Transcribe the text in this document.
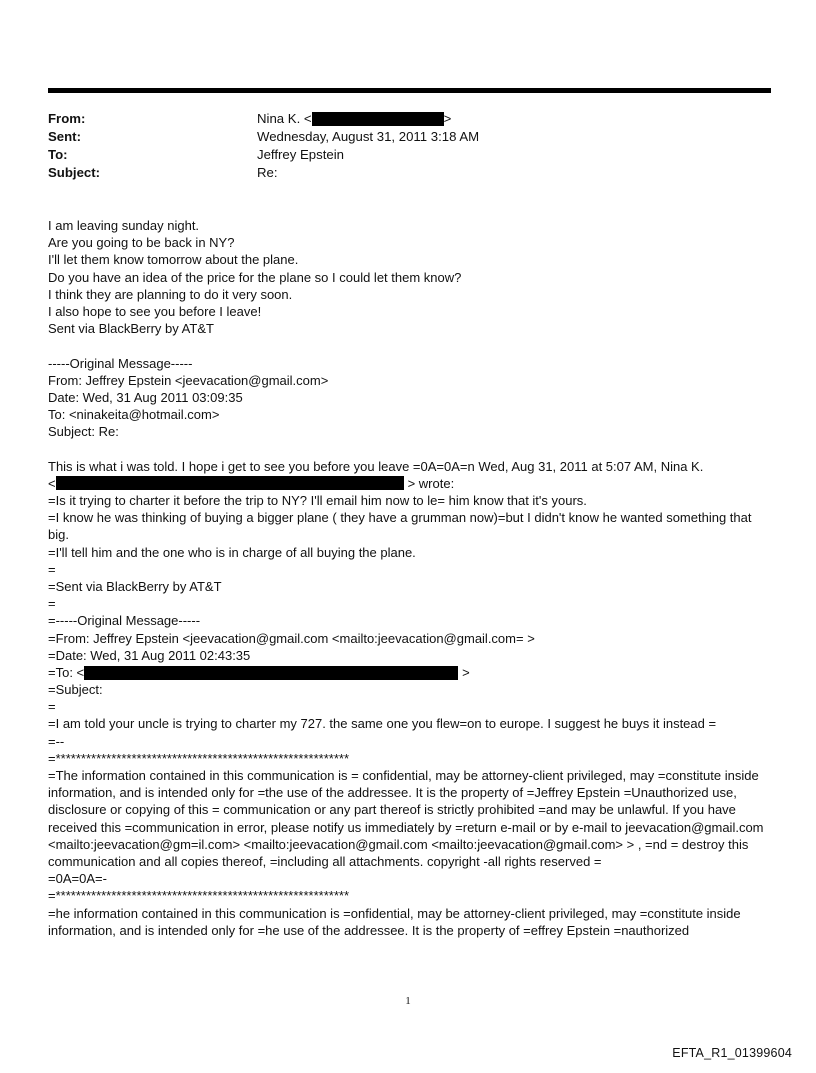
From:	Nina K. <	>
Sent:	Wednesday, August 31, 2011 3:18 AM
To:	Jeffrey Epstein
Subject:	Re:
I am leaving sunday night.
Are you going to be back in NY?
I'll let them know tomorrow about the plane.
Do you have an idea of the price for the plane so I could let them know?
I think they are planning to do it very soon.
I also hope to see you before I leave!
Sent via BlackBerry by AT&T
-----Original Message-----
From: Jeffrey Epstein <jeevacation@gmail.com>
Date: Wed, 31 Aug 2011 03:09:35
To: <ninakeita@hotmail.com>
Subject: Re:
This is what i was told. I hope i get to see you before you leave =0A=0A=n Wed, Aug 31, 2011 at 5:07 AM, Nina K.
<	> wrote:
=Is it trying to charter it before the trip to NY? I'll email him now to le= him know that it's yours.
=I know he was thinking of buying a bigger plane ( they have a grumman now)=but I didn't know he wanted something that big.
=I'll tell him and the one who is in charge of all buying the plane.
=
=Sent via BlackBerry by AT&T
=
=-----Original Message-----
=From: Jeffrey Epstein <jeevacation@gmail.com <mailto:jeevacation@gmail.com= >
=Date: Wed, 31 Aug 2011 02:43:35
=To: <	>
=Subject:
=
=I am told your uncle is trying to charter my 727. the same one you flew=on to europe. I suggest he buys it instead =
=--
=**********************************************************
=The information contained in this communication is = confidential, may be attorney-client privileged, may =constitute inside information, and is intended only for =the use of the addressee. It is the property of =Jeffrey Epstein =Unauthorized use, disclosure or copying of this = communication or any part thereof is strictly prohibited =and may be unlawful. If you have received this =communication in error, please notify us immediately by =return e-mail or by e-mail to jeevacation@gmail.com <mailto:jeevacation@gm=il.com> <mailto:jeevacation@gmail.com <mailto:jeevacation@gmail.com> > , =nd = destroy this communication and all copies thereof, =including all attachments. copyright -all rights reserved =
=0A=0A=-
=**********************************************************
=he information contained in this communication is =onfidential, may be attorney-client privileged, may =constitute inside information, and is intended only for =he use of the addressee. It is the property of =effrey Epstein =nauthorized
1
EFTA_R1_01399604
